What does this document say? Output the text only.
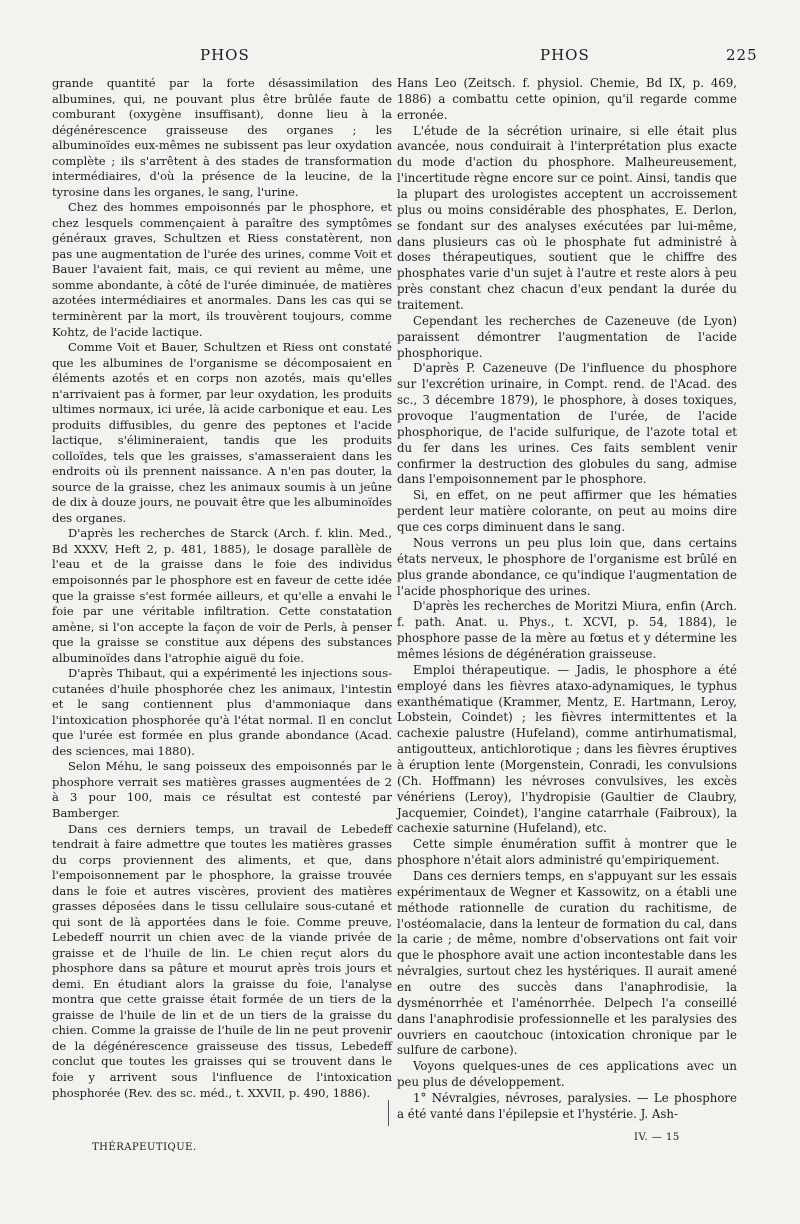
PHOS	PHOS	225

grande quantité par la forte désassimilation des albumines, qui, ne pouvant plus être brûlée faute de comburant (oxygène insuffisant), donne lieu à la dégénérescence graisseuse des organes ; les albuminoïdes eux-mêmes ne subissent pas leur oxydation complète ; ils s'arrêtent à des stades de transformation intermédiaires, d'où la présence de la leucine, de la tyrosine dans les organes, le sang, l'urine.

Chez des hommes empoisonnés par le phosphore, et chez lesquels commençaient à paraître des symptômes généraux graves, Schultzen et Riess constatèrent, non pas une augmentation de l'urée des urines, comme Voit et Bauer l'avaient fait, mais, ce qui revient au même, une somme abondante, à côté de l'urée diminuée, de matières azotées intermédiaires et anormales. Dans les cas qui se terminèrent par la mort, ils trouvèrent toujours, comme Kohtz, de l'acide lactique.

Comme Voit et Bauer, Schultzen et Riess ont constaté que les albumines de l'organisme se décomposaient en éléments azotés et en corps non azotés, mais qu'elles n'arrivaient pas à former, par leur oxydation, les produits ultimes normaux, ici urée, là acide carbonique et eau. Les produits diffusibles, du genre des peptones et l'acide lactique, s'élimineraient, tandis que les produits colloïdes, tels que les graisses, s'amasseraient dans les endroits où ils prennent naissance. A n'en pas douter, la source de la graisse, chez les animaux soumis à un jeûne de dix à douze jours, ne pouvait être que les albuminoïdes des organes.

D'après les recherches de Starck (Arch. f. klin. Med., Bd XXXV, Heft 2, p. 481, 1885), le dosage parallèle de l'eau et de la graisse dans le foie des individus empoisonnés par le phosphore est en faveur de cette idée que la graisse s'est formée ailleurs, et qu'elle a envahi le foie par une véritable infiltration. Cette constatation amène, si l'on accepte la façon de voir de Perls, à penser que la graisse se constitue aux dépens des substances albuminoïdes dans l'atrophie aiguë du foie.

D'après Thibaut, qui a expérimenté les injections sous-cutanées d'huile phosphorée chez les animaux, l'intestin et le sang contiennent plus d'ammoniaque dans l'intoxication phosphorée qu'à l'état normal. Il en conclut que l'urée est formée en plus grande abondance (Acad. des sciences, mai 1880).

Selon Méhu, le sang poisseux des empoisonnés par le phosphore verrait ses matières grasses augmentées de 2 à 3 pour 100, mais ce résultat est contesté par Bamberger.

Dans ces derniers temps, un travail de Lebedeff tendrait à faire admettre que toutes les matières grasses du corps proviennent des aliments, et que, dans l'empoisonnement par le phosphore, la graisse trouvée dans le foie et autres viscères, provient des matières grasses déposées dans le tissu cellulaire sous-cutané et qui sont de là apportées dans le foie. Comme preuve, Lebedeff nourrit un chien avec de la viande privée de graisse et de l'huile de lin. Le chien reçut alors du phosphore dans sa pâture et mourut après trois jours et demi. En étudiant alors la graisse du foie, l'analyse montra que cette graisse était formée de un tiers de la graisse de l'huile de lin et de un tiers de la graisse du chien. Comme la graisse de l'huile de lin ne peut provenir de la dégénérescence graisseuse des tissus, Lebedeff conclut que toutes les graisses qui se trouvent dans le foie y arrivent sous l'influence de l'intoxication phosphorée (Rev. des sc. méd., t. XXVII, p. 490, 1886).

Hans Leo (Zeitsch. f. physiol. Chemie, Bd IX, p. 469, 1886) a combattu cette opinion, qu'il regarde comme erronée.

L'étude de la sécrétion urinaire, si elle était plus avancée, nous conduirait à l'interprétation plus exacte du mode d'action du phosphore. Malheureusement, l'incertitude règne encore sur ce point. Ainsi, tandis que la plupart des urologistes acceptent un accroissement plus ou moins considérable des phosphates, E. Derlon, se fondant sur des analyses exécutées par lui-même, dans plusieurs cas où le phosphate fut administré à doses thérapeutiques, soutient que le chiffre des phosphates varie d'un sujet à l'autre et reste alors à peu près constant chez chacun d'eux pendant la durée du traitement.

Cependant les recherches de Cazeneuve (de Lyon) paraissent démontrer l'augmentation de l'acide phosphorique.

D'après P. Cazeneuve (De l'influence du phosphore sur l'excrétion urinaire, in Compt. rend. de l'Acad. des sc., 3 décembre 1879), le phosphore, à doses toxiques, provoque l'augmentation de l'urée, de l'acide phosphorique, de l'acide sulfurique, de l'azote total et du fer dans les urines. Ces faits semblent venir confirmer la destruction des globules du sang, admise dans l'empoisonnement par le phosphore.

Si, en effet, on ne peut affirmer que les hématies perdent leur matière colorante, on peut au moins dire que ces corps diminuent dans le sang.

Nous verrons un peu plus loin que, dans certains états nerveux, le phosphore de l'organisme est brûlé en plus grande abondance, ce qu'indique l'augmentation de l'acide phosphorique des urines.

D'après les recherches de Moritzi Miura, enfin (Arch. f. path. Anat. u. Phys., t. XCVI, p. 54, 1884), le phosphore passe de la mère au fœtus et y détermine les mêmes lésions de dégénération graisseuse.

Emploi thérapeutique. — Jadis, le phosphore a été employé dans les fièvres ataxo-adynamiques, le typhus exanthématique (Krammer, Mentz, E. Hartmann, Leroy, Lobstein, Coindet) ; les fièvres intermittentes et la cachexie palustre (Hufeland), comme antirhumatismal, antigoutteux, antichlorotique ; dans les fièvres éruptives à éruption lente (Morgenstein, Conradi, les convulsions (Ch. Hoffmann) les névroses convulsives, les excès vénériens (Leroy), l'hydropisie (Gaultier de Claubry, Jacquemier, Coindet), l'angine catarrhale (Faibroux), la cachexie saturnine (Hufeland), etc.

Cette simple énumération suffit à montrer que le phosphore n'était alors administré qu'empiriquement.

Dans ces derniers temps, en s'appuyant sur les essais expérimentaux de Wegner et Kassowitz, on a établi une méthode rationnelle de curation du rachitisme, de l'ostéomalacie, dans la lenteur de formation du cal, dans la carie ; de même, nombre d'observations ont fait voir que le phosphore avait une action incontestable dans les névralgies, surtout chez les hystériques. Il aurait amené en outre des succès dans l'anaphrodisie, la dysménorrhée et l'aménorrhée. Delpech l'a conseillé dans l'anaphrodisie professionnelle et les paralysies des ouvriers en caoutchouc (intoxication chronique par le sulfure de carbone).

Voyons quelques-unes de ces applications avec un peu plus de développement.

1° Névralgies, névroses, paralysies. — Le phosphore a été vanté dans l'épilepsie et l'hystérie. J. Ash-

THÉRAPEUTIQUE.
IV. — 15
